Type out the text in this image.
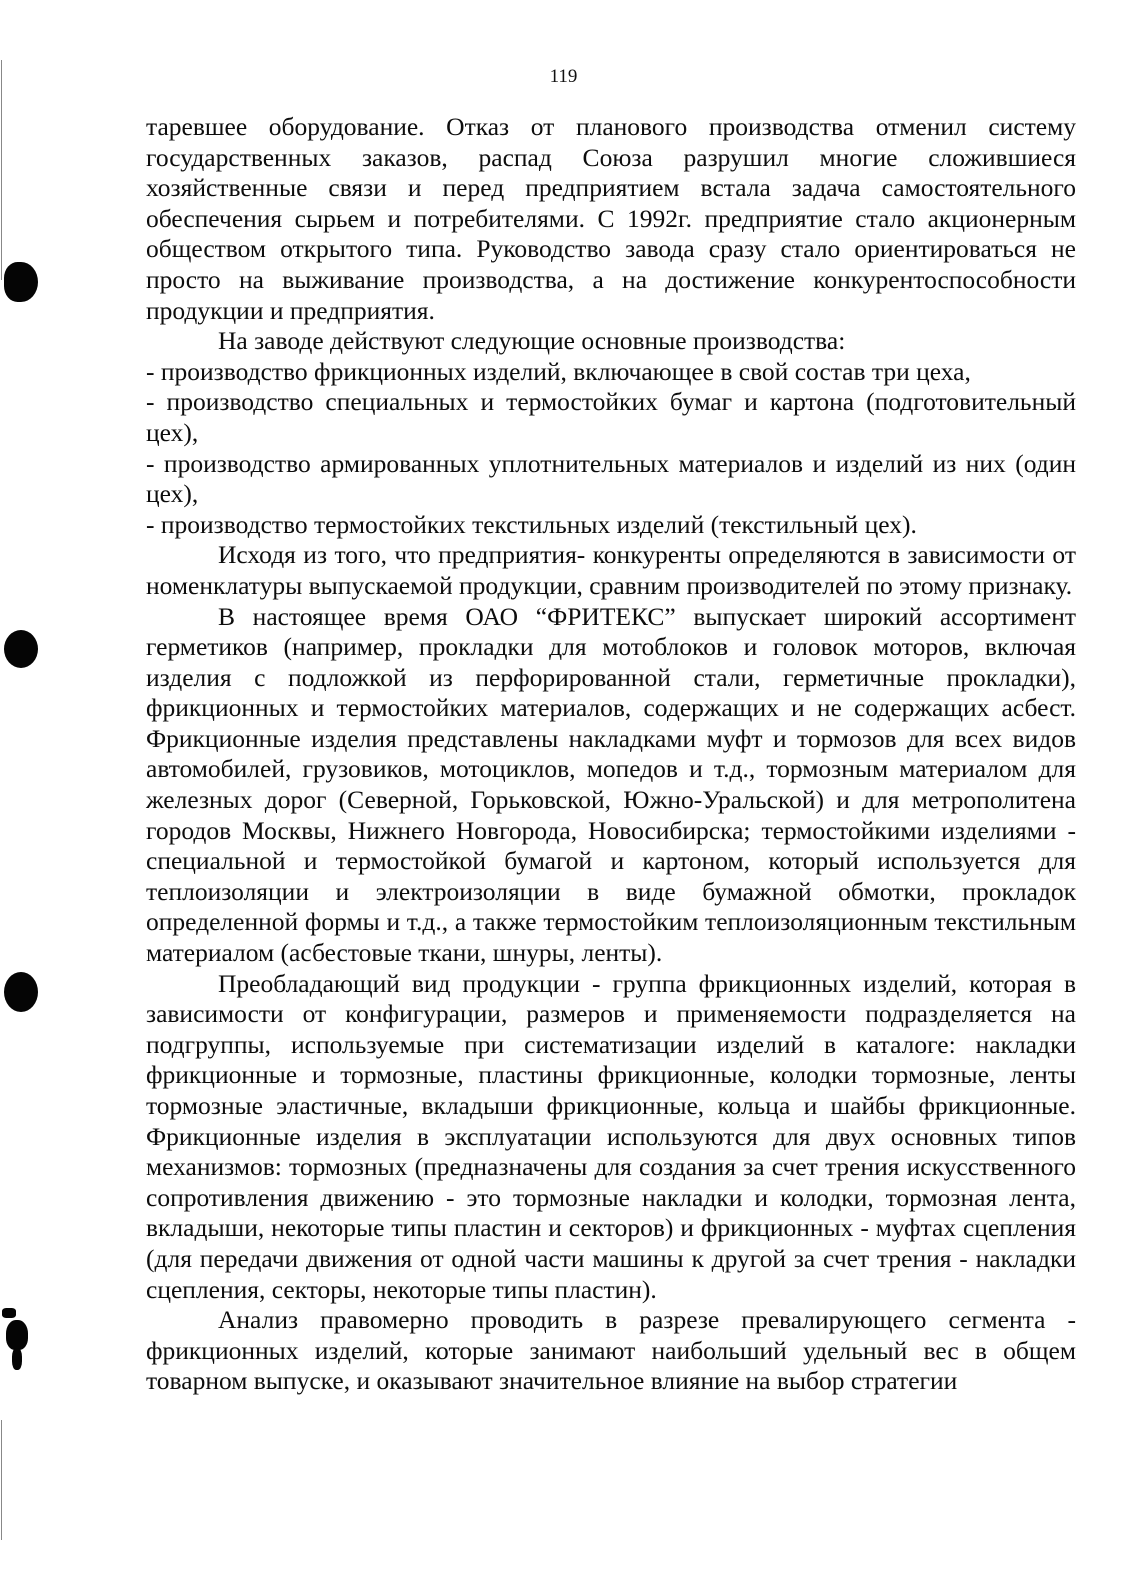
119

таревшее оборудование. Отказ от планового производства отменил систему государственных заказов, распад Союза разрушил многие сложившиеся хозяйственные связи и перед предприятием встала задача самостоятельного обеспечения сырьем и потребителями. С 1992г. предприятие стало акционерным обществом открытого типа. Руководство завода сразу стало ориентироваться не просто на выживание производства, а на достижение конкурентоспособности продукции и предприятия.

На заводе действуют следующие основные производства:

- производство фрикционных изделий, включающее в свой состав три цеха,

- производство специальных и термостойких бумаг и картона (подготовительный цех),

- производство армированных уплотнительных материалов и изделий из них (один цех),

- производство термостойких текстильных изделий (текстильный цех).

Исходя из того, что предприятия- конкуренты определяются в зависимости от номенклатуры выпускаемой продукции, сравним производителей по этому признаку.

В настоящее время ОАО “ФРИТЕКС” выпускает широкий ассортимент герметиков (например, прокладки для мотоблоков и головок моторов, включая изделия с подложкой из перфорированной стали, герметичные прокладки), фрикционных и термостойких материалов, содержащих и не содержащих асбест. Фрикционные изделия представлены накладками муфт и тормозов для всех видов автомобилей, грузовиков, мотоциклов, мопедов и т.д., тормозным материалом для железных дорог (Северной, Горьковской, Южно-Уральской) и для метрополитена городов Москвы, Нижнего Новгорода, Новосибирска; термостойкими изделиями - специальной и термостойкой бумагой и картоном, который используется для теплоизоляции и электроизоляции в виде бумажной обмотки, прокладок определенной формы и т.д., а также термостойким теплоизоляционным текстильным материалом (асбестовые ткани, шнуры, ленты).

Преобладающий вид продукции - группа фрикционных изделий, которая в зависимости от конфигурации, размеров и применяемости подразделяется на подгруппы, используемые при систематизации изделий в каталоге: накладки фрикционные и тормозные, пластины фрикционные, колодки тормозные, ленты тормозные эластичные, вкладыши фрикционные, кольца и шайбы фрикционные. Фрикционные изделия в эксплуатации используются для двух основных типов механизмов: тормозных (предназначены для создания за счет трения искусственного сопротивления движению - это тормозные накладки и колодки, тормозная лента, вкладыши, некоторые типы пластин и секторов) и фрикционных - муфтах сцепления (для передачи движения от одной части машины к другой за счет трения - накладки сцепления, секторы, некоторые типы пластин).

Анализ правомерно проводить в разрезе превалирующего сегмента - фрикционных изделий, которые занимают наибольший удельный вес в общем товарном выпуске, и оказывают значительное влияние на выбор стратегии
